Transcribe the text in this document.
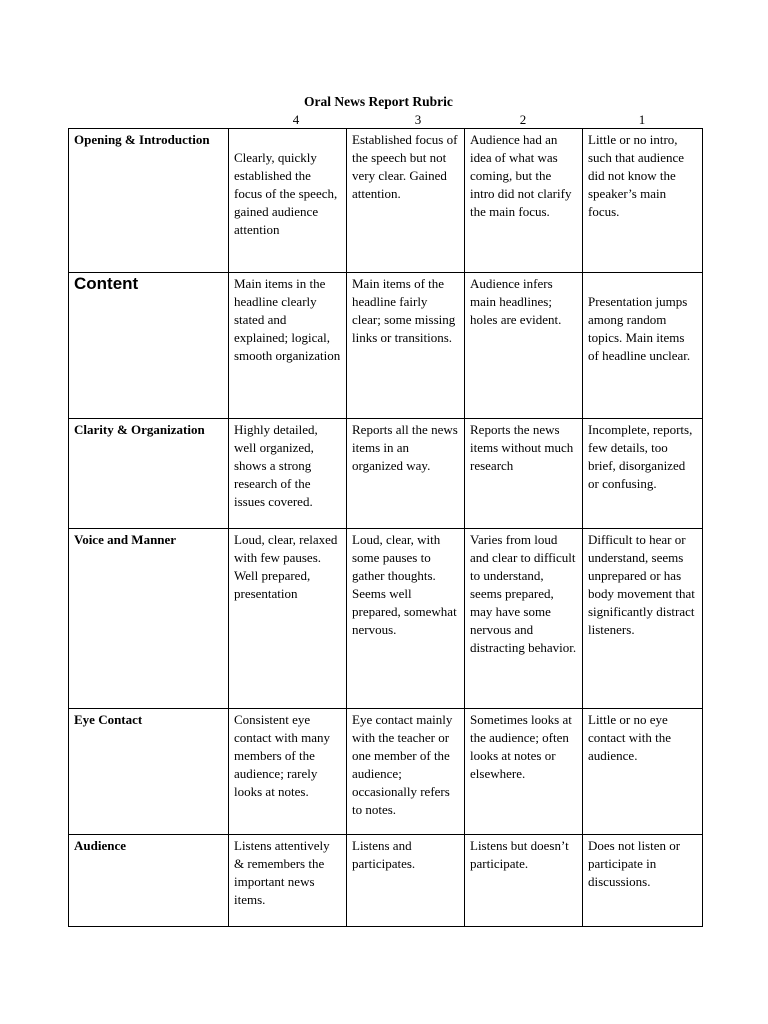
Oral News Report Rubric
4	3	2	1
Opening & Introduction	Clearly, quickly established the focus of the speech, gained audience attention	Established focus of the speech but not very clear. Gained attention.	Audience had an idea of what was coming, but the intro did not clarify the main focus.	Little or no intro, such that audience did not know the speaker’s main focus.
Content	Main items in the headline clearly stated and explained; logical, smooth organization	Main items of the headline fairly clear; some missing links or transitions.	Audience infers main headlines; holes are evident.	Presentation jumps among random topics. Main items of headline unclear.
Clarity & Organization	Highly detailed, well organized, shows a strong research of the issues covered.	Reports all the news items in an organized way.	Reports the news items without much research	Incomplete, reports, few details, too brief, disorganized or confusing.
Voice and Manner	Loud, clear, relaxed with few pauses. Well prepared, presentation	Loud, clear, with some pauses to gather thoughts. Seems well prepared, somewhat nervous.	Varies from loud and clear to difficult to understand, seems prepared, may have some nervous and distracting behavior.	Difficult to hear or understand, seems unprepared or has body movement that significantly distract listeners.
Eye Contact	Consistent eye contact with many members of the audience; rarely looks at notes.	Eye contact mainly with the teacher or one member of the audience; occasionally refers to notes.	Sometimes looks at the audience; often looks at notes or elsewhere.	Little or no eye contact with the audience.
Audience	Listens attentively & remembers the important news items.	Listens and participates.	Listens but doesn’t participate.	Does not listen or participate in discussions.
